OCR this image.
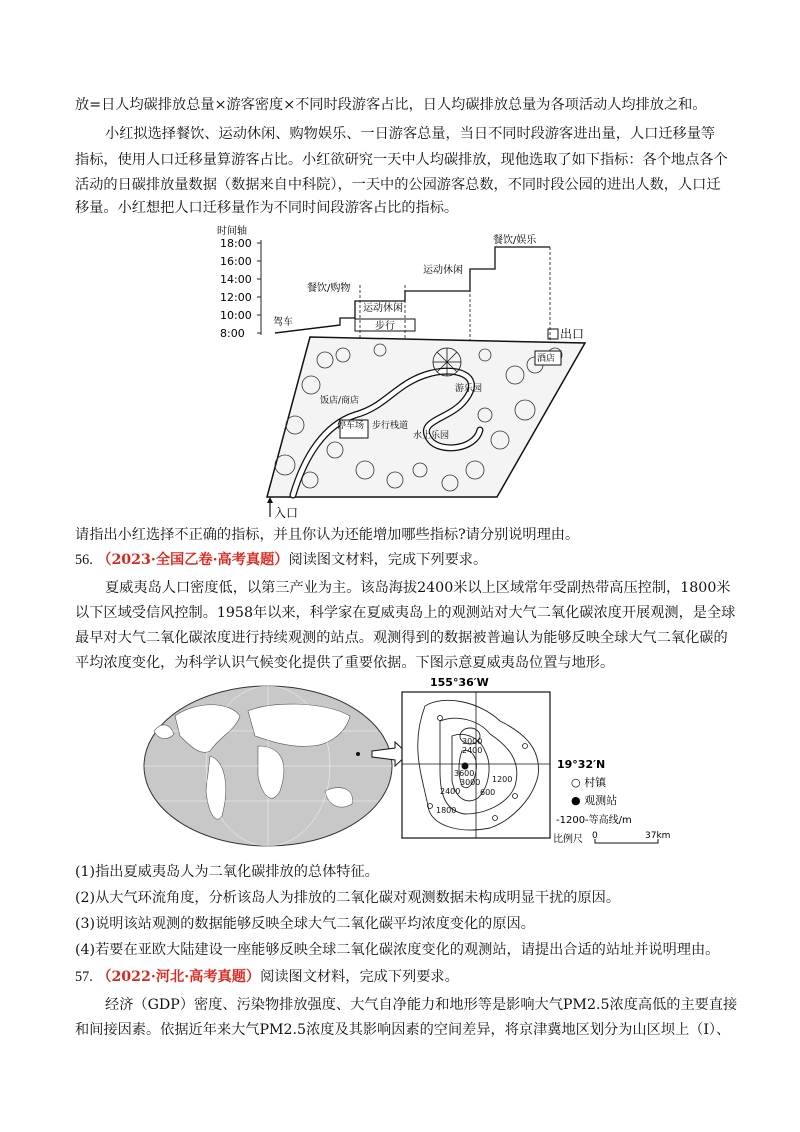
放=日人均碳排放总量×游客密度×不同时段游客占比，日人均碳排放总量为各项活动人均排放之和。
小红拟选择餐饮、运动休闲、购物娱乐、一日游客总量，当日不同时段游客进出量，人口迁移量等
指标，使用人口迁移量算游客占比。小红欲研究一天中人均碳排放，现他选取了如下指标：各个地点各个
活动的日碳排放量数据（数据来自中科院），一天中的公园游客总数，不同时段公园的进出人数，人口迁
移量。小红想把人口迁移量作为不同时间段游客占比的指标。
时间轴
18:00
16:00
14:00
12:00
10:00
8:00
驾车	步行
餐饮/购物
运动休闲
运动休闲
餐饮/娱乐
饭店/商店
停车场 步行栈道
水上乐园
游乐园
酒店
出口
入口
请指出小红选择不正确的指标，并且你认为还能增加哪些指标?请分别说明理由。
56. （2023·全国乙卷·高考真题）阅读图文材料，完成下列要求。
夏威夷岛人口密度低，以第三产业为主。该岛海拔2400米以上区域常年受副热带高压控制，1800米
以下区域受信风控制。1958年以来，科学家在夏威夷岛上的观测站对大气二氧化碳浓度开展观测，是全球
最早对大气二氧化碳浓度进行持续观测的站点。观测得到的数据被普遍认为能够反映全球大气二氧化碳的
平均浓度变化，为科学认识气候变化提供了重要依据。下图示意夏威夷岛位置与地形。
155°36′W
3000
2400
3600
3000
2400
1800
1200
600
19°32′N
○ 村镇
● 观测站
-1200-等高线/m
比例尺 0	37km
(1)指出夏威夷岛人为二氧化碳排放的总体特征。
(2)从大气环流角度，分析该岛人为排放的二氧化碳对观测数据未构成明显干扰的原因。
(3)说明该站观测的数据能够反映全球大气二氧化碳平均浓度变化的原因。
(4)若要在亚欧大陆建设一座能够反映全球二氧化碳浓度变化的观测站，请提出合适的站址并说明理由。
57. （2022·河北·高考真题）阅读图文材料，完成下列要求。
经济（GDP）密度、污染物排放强度、大气自净能力和地形等是影响大气PM2.5浓度高低的主要直接
和间接因素。依据近年来大气PM2.5浓度及其影响因素的空间差异，将京津冀地区划分为山区坝上（Ⅰ）、
